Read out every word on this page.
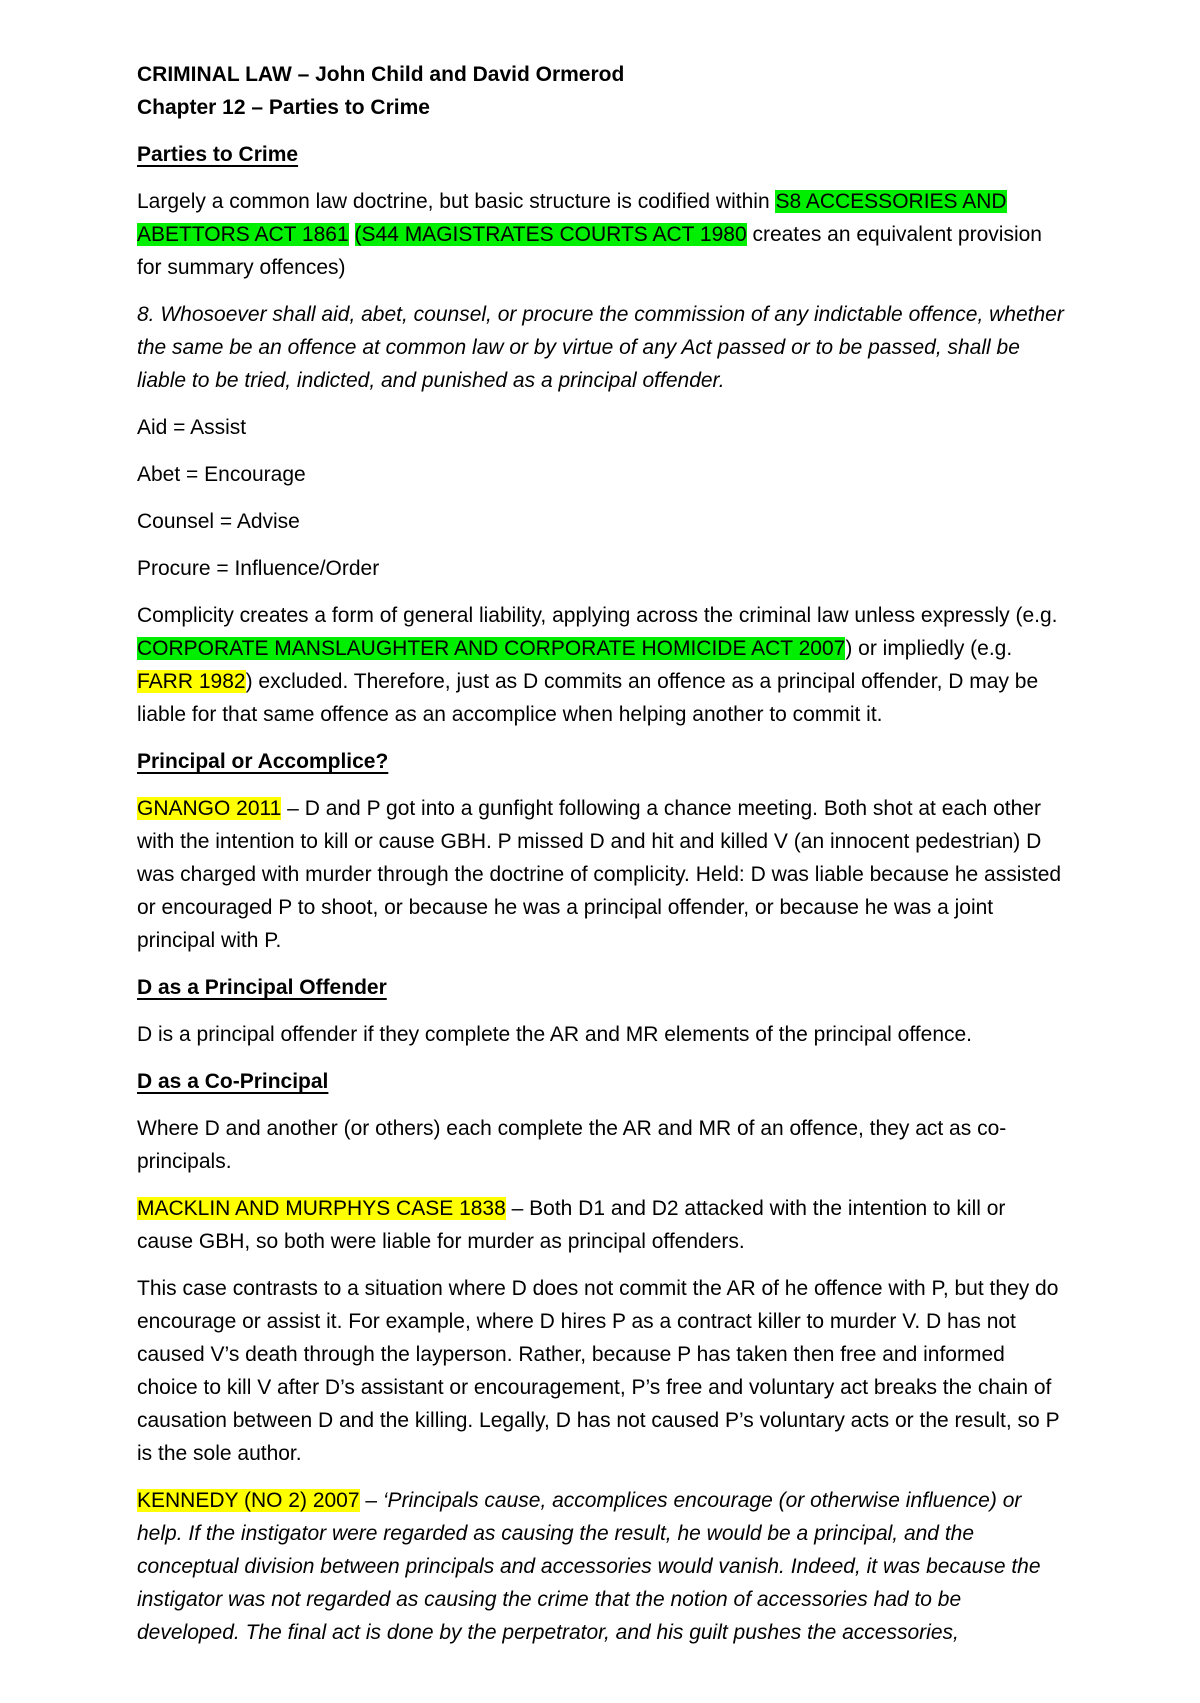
CRIMINAL LAW – John Child and David Ormerod

Chapter 12 – Parties to Crime

Parties to Crime

Largely a common law doctrine, but basic structure is codified within S8 ACCESSORIES AND ABETTORS ACT 1861 (S44 MAGISTRATES COURTS ACT 1980 creates an equivalent provision for summary offences)

8. Whosoever shall aid, abet, counsel, or procure the commission of any indictable offence, whether the same be an offence at common law or by virtue of any Act passed or to be passed, shall be liable to be tried, indicted, and punished as a principal offender.

Aid = Assist

Abet = Encourage

Counsel = Advise

Procure = Influence/Order

Complicity creates a form of general liability, applying across the criminal law unless expressly (e.g. CORPORATE MANSLAUGHTER AND CORPORATE HOMICIDE ACT 2007) or impliedly (e.g. FARR 1982) excluded. Therefore, just as D commits an offence as a principal offender, D may be liable for that same offence as an accomplice when helping another to commit it.

Principal or Accomplice?

GNANGO 2011 – D and P got into a gunfight following a chance meeting. Both shot at each other with the intention to kill or cause GBH. P missed D and hit and killed V (an innocent pedestrian) D was charged with murder through the doctrine of complicity. Held: D was liable because he assisted or encouraged P to shoot, or because he was a principal offender, or because he was a joint principal with P.

D as a Principal Offender

D is a principal offender if they complete the AR and MR elements of the principal offence.

D as a Co-Principal

Where D and another (or others) each complete the AR and MR of an offence, they act as co-principals.

MACKLIN AND MURPHYS CASE 1838 – Both D1 and D2 attacked with the intention to kill or cause GBH, so both were liable for murder as principal offenders.

This case contrasts to a situation where D does not commit the AR of he offence with P, but they do encourage or assist it. For example, where D hires P as a contract killer to murder V. D has not caused V’s death through the layperson. Rather, because P has taken then free and informed choice to kill V after D’s assistant or encouragement, P’s free and voluntary act breaks the chain of causation between D and the killing. Legally, D has not caused P’s voluntary acts or the result, so P is the sole author.

KENNEDY (NO 2) 2007 – ‘Principals cause, accomplices encourage (or otherwise influence) or help. If the instigator were regarded as causing the result, he would be a principal, and the conceptual division between principals and accessories would vanish. Indeed, it was because the instigator was not regarded as causing the crime that the notion of accessories had to be developed. The final act is done by the perpetrator, and his guilt pushes the accessories,
